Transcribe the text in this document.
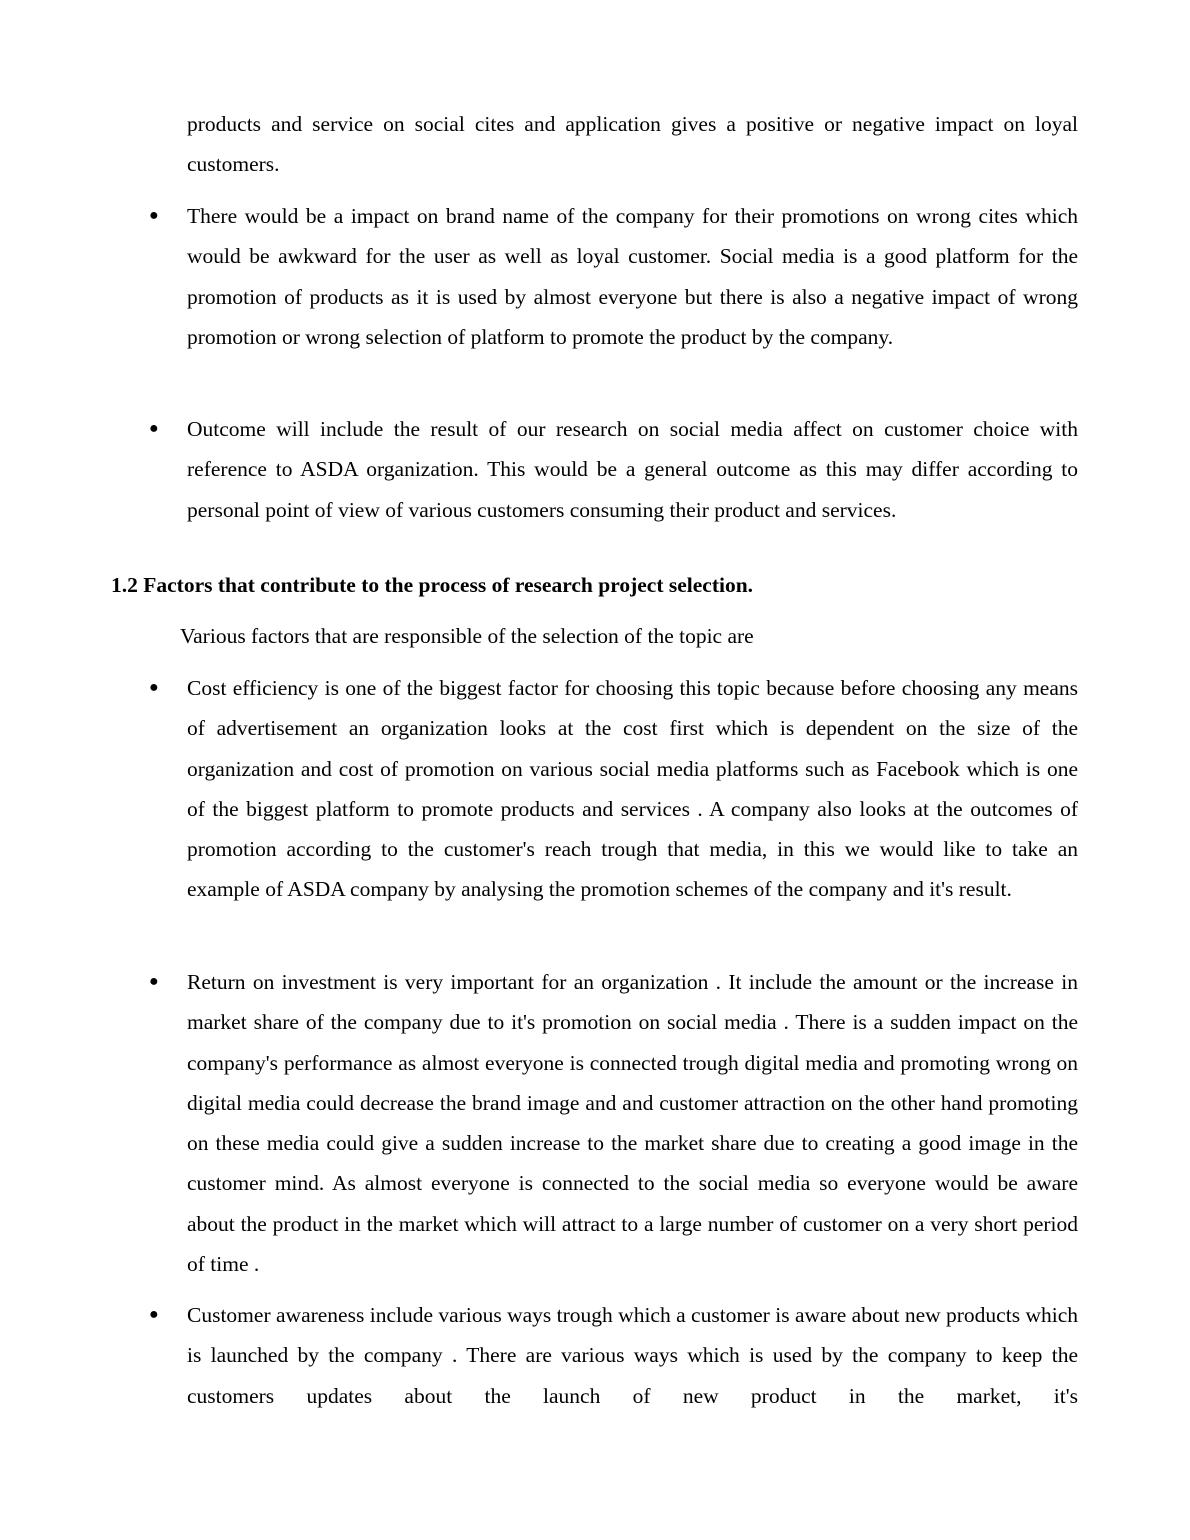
products and service on social cites and application gives a positive or negative impact on loyal customers.
● There would be a impact on brand name of the company for their promotions on wrong cites which would be awkward for the user as well as loyal customer. Social media is a good platform for the promotion of products as it is used by almost everyone but there is also a negative impact of wrong promotion or wrong selection of platform to promote the product by the company.
● Outcome will include the result of our research on social media affect on customer choice with reference to ASDA organization. This would be a general outcome as this may differ according to personal point of view of various customers consuming their product and services.
1.2 Factors that contribute to the process of research project selection.
Various factors that are responsible of the selection of the topic are
● Cost efficiency is one of the biggest factor for choosing this topic because before choosing any means of advertisement an organization looks at the cost first which is dependent on the size of the organization and cost of promotion on various social media platforms such as Facebook which is one of the biggest platform to promote products and services . A company also looks at the outcomes of promotion according to the customer's reach trough that media, in this we would like to take an example of ASDA company by analysing the promotion schemes of the company and it's result.
● Return on investment is very important for an organization . It include the amount or the increase in market share of the company due to it's promotion on social media . There is a sudden impact on the company's performance as almost everyone is connected trough digital media and promoting wrong on digital media could decrease the brand image and and customer attraction on the other hand promoting on these media could give a sudden increase to the market share due to creating a good image in the customer mind. As almost everyone is connected to the social media so everyone would be aware about the product in the market which will attract to a large number of customer on a very short period of time .
● Customer awareness include various ways trough which a customer is aware about new products which is launched by the company . There are various ways which is used by the company to keep the customers updates about the launch of new product in the market, it's
